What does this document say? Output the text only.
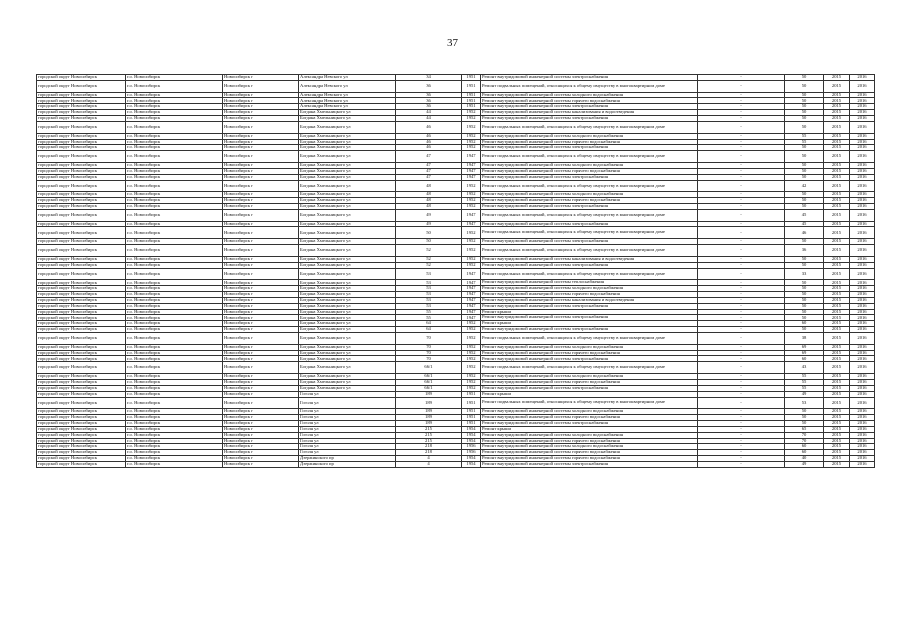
37
городской округ Новосибирск	г.о. Новосибирск	Новосибирск г	Александра Невского ул	34	1951	Ремонт внутридомовой инженерной системы электроснабжения	-	50	2015	2016
городской округ Новосибирск	г.о. Новосибирск	Новосибирск г	Александра Невского ул	36	1951	Ремонт подвальных помещений, относящихся к общему имуществу в многоквартирном доме	-	50	2015	2016
городской округ Новосибирск	г.о. Новосибирск	Новосибирск г	Александра Невского ул	36	1951	Ремонт внутридомовой инженерной системы холодного водоснабжения	-	50	2015	2016
городской округ Новосибирск	г.о. Новосибирск	Новосибирск г	Александра Невского ул	36	1951	Ремонт внутридомовой инженерной системы горячего водоснабжения	-	50	2015	2016
городской округ Новосибирск	г.о. Новосибирск	Новосибирск г	Александра Невского ул	36	1951	Ремонт внутридомовой инженерной системы электроснабжения	-	50	2015	2016
городской округ Новосибирск	г.о. Новосибирск	Новосибирск г	Богдана Хмельницкого ул	44	1952	Ремонт внутридомовой инженерной системы канализования и водоотведения	-	50	2015	2016
городской округ Новосибирск	г.о. Новосибирск	Новосибирск г	Богдана Хмельницкого ул	44	1952	Ремонт внутридомовой инженерной системы электроснабжения	-	50	2015	2016
городской округ Новосибирск	г.о. Новосибирск	Новосибирск г	Богдана Хмельницкого ул	46	1952	Ремонт подвальных помещений, относящихся к общему имуществу в многоквартирном доме	-	50	2015	2016
городской округ Новосибирск	г.о. Новосибирск	Новосибирск г	Богдана Хмельницкого ул	46	1952	Ремонт внутридомовой инженерной системы холодного водоснабжения	-	55	2015	2016
городской округ Новосибирск	г.о. Новосибирск	Новосибирск г	Богдана Хмельницкого ул	46	1952	Ремонт внутридомовой инженерной системы горячего водоснабжения	-	55	2015	2016
городской округ Новосибирск	г.о. Новосибирск	Новосибирск г	Богдана Хмельницкого ул	46	1952	Ремонт внутридомовой инженерной системы электроснабжения	-	50	2015	2016
городской округ Новосибирск	г.о. Новосибирск	Новосибирск г	Богдана Хмельницкого ул	47	1947	Ремонт подвальных помещений, относящихся к общему имуществу в многоквартирном доме	-	50	2015	2016
городской округ Новосибирск	г.о. Новосибирск	Новосибирск г	Богдана Хмельницкого ул	47	1947	Ремонт внутридомовой инженерной системы холодного водоснабжения	-	50	2015	2016
городской округ Новосибирск	г.о. Новосибирск	Новосибирск г	Богдана Хмельницкого ул	47	1947	Ремонт внутридомовой инженерной системы горячего водоснабжения	-	50	2015	2016
городской округ Новосибирск	г.о. Новосибирск	Новосибирск г	Богдана Хмельницкого ул	47	1947	Ремонт внутридомовой инженерной системы электроснабжения	-	50	2015	2016
городской округ Новосибирск	г.о. Новосибирск	Новосибирск г	Богдана Хмельницкого ул	48	1952	Ремонт подвальных помещений, относящихся к общему имуществу в многоквартирном доме	-	42	2015	2016
городской округ Новосибирск	г.о. Новосибирск	Новосибирск г	Богдана Хмельницкого ул	48	1952	Ремонт внутридомовой инженерной системы холодного водоснабжения	-	50	2015	2016
городской округ Новосибирск	г.о. Новосибирск	Новосибирск г	Богдана Хмельницкого ул	48	1952	Ремонт внутридомовой инженерной системы горячего водоснабжения	-	50	2015	2016
городской округ Новосибирск	г.о. Новосибирск	Новосибирск г	Богдана Хмельницкого ул	48	1952	Ремонт внутридомовой инженерной системы электроснабжения	-	50	2015	2016
городской округ Новосибирск	г.о. Новосибирск	Новосибирск г	Богдана Хмельницкого ул	49	1947	Ремонт подвальных помещений, относящихся к общему имуществу в многоквартирном доме	-	45	2015	2016
городской округ Новосибирск	г.о. Новосибирск	Новосибирск г	Богдана Хмельницкого ул	49	1947	Ремонт внутридомовой инженерной системы электроснабжения	-	45	2015	2016
городской округ Новосибирск	г.о. Новосибирск	Новосибирск г	Богдана Хмельницкого ул	50	1952	Ремонт подвальных помещений, относящихся к общему имуществу в многоквартирном доме	-	46	2015	2016
городской округ Новосибирск	г.о. Новосибирск	Новосибирск г	Богдана Хмельницкого ул	50	1952	Ремонт внутридомовой инженерной системы электроснабжения	-	50	2015	2016
городской округ Новосибирск	г.о. Новосибирск	Новосибирск г	Богдана Хмельницкого ул	52	1952	Ремонт подвальных помещений, относящихся к общему имуществу в многоквартирном доме	-	36	2015	2016
городской округ Новосибирск	г.о. Новосибирск	Новосибирск г	Богдана Хмельницкого ул	52	1952	Ремонт внутридомовой инженерной системы канализования и водоотведения	-	50	2015	2016
городской округ Новосибирск	г.о. Новосибирск	Новосибирск г	Богдана Хмельницкого ул	52	1952	Ремонт внутридомовой инженерной системы электроснабжения	-	50	2015	2016
городской округ Новосибирск	г.о. Новосибирск	Новосибирск г	Богдана Хмельницкого ул	53	1947	Ремонт подвальных помещений, относящихся к общему имуществу в многоквартирном доме	-	33	2015	2016
городской округ Новосибирск	г.о. Новосибирск	Новосибирск г	Богдана Хмельницкого ул	53	1947	Ремонт внутридомовой инженерной системы теплоснабжения	-	50	2015	2016
городской округ Новосибирск	г.о. Новосибирск	Новосибирск г	Богдана Хмельницкого ул	53	1947	Ремонт внутридомовой инженерной системы холодного водоснабжения	-	50	2015	2016
городской округ Новосибирск	г.о. Новосибирск	Новосибирск г	Богдана Хмельницкого ул	53	1947	Ремонт внутридомовой инженерной системы горячего водоснабжения	-	50	2015	2016
городской округ Новосибирск	г.о. Новосибирск	Новосибирск г	Богдана Хмельницкого ул	53	1947	Ремонт внутридомовой инженерной системы канализования и водоотведения	-	50	2015	2016
городской округ Новосибирск	г.о. Новосибирск	Новосибирск г	Богдана Хмельницкого ул	53	1947	Ремонт внутридомовой инженерной системы электроснабжения	-	50	2015	2016
городской округ Новосибирск	г.о. Новосибирск	Новосибирск г	Богдана Хмельницкого ул	55	1947	Ремонт крыши	-	50	2015	2016
городской округ Новосибирск	г.о. Новосибирск	Новосибирск г	Богдана Хмельницкого ул	55	1947	Ремонт внутридомовой инженерной системы электроснабжения	-	50	2015	2016
городской округ Новосибирск	г.о. Новосибирск	Новосибирск г	Богдана Хмельницкого ул	64	1952	Ремонт крыши	-	60	2015	2016
городской округ Новосибирск	г.о. Новосибирск	Новосибирск г	Богдана Хмельницкого ул	64	1952	Ремонт внутридомовой инженерной системы электроснабжения	-	50	2015	2016
городской округ Новосибирск	г.о. Новосибирск	Новосибирск г	Богдана Хмельницкого ул	70	1952	Ремонт подвальных помещений, относящихся к общему имуществу в многоквартирном доме	-	38	2015	2016
городской округ Новосибирск	г.о. Новосибирск	Новосибирск г	Богдана Хмельницкого ул	70	1952	Ремонт внутридомовой инженерной системы холодного водоснабжения	-	69	2015	2016
городской округ Новосибирск	г.о. Новосибирск	Новосибирск г	Богдана Хмельницкого ул	70	1952	Ремонт внутридомовой инженерной системы горячего водоснабжения	-	69	2015	2016
городской округ Новосибирск	г.о. Новосибирск	Новосибирск г	Богдана Хмельницкого ул	70	1952	Ремонт внутридомовой инженерной системы электроснабжения	-	60	2015	2016
городской округ Новосибирск	г.о. Новосибирск	Новосибирск г	Богдана Хмельницкого ул	66/1	1952	Ремонт подвальных помещений, относящихся к общему имуществу в многоквартирном доме	-	43	2015	2016
городской округ Новосибирск	г.о. Новосибирск	Новосибирск г	Богдана Хмельницкого ул	66/1	1952	Ремонт внутридомовой инженерной системы холодного водоснабжения	-	55	2015	2016
городской округ Новосибирск	г.о. Новосибирск	Новосибирск г	Богдана Хмельницкого ул	66/1	1952	Ремонт внутридомовой инженерной системы горячего водоснабжения	-	55	2015	2016
городской округ Новосибирск	г.о. Новосибирск	Новосибирск г	Богдана Хмельницкого ул	66/1	1952	Ремонт внутридомовой инженерной системы электроснабжения	-	55	2015	2016
городской округ Новосибирск	г.о. Новосибирск	Новосибирск г	Гоголя ул	189	1951	Ремонт крыши	-	49	2015	2016
городской округ Новосибирск	г.о. Новосибирск	Новосибирск г	Гоголя ул	189	1951	Ремонт подвальных помещений, относящихся к общему имуществу в многоквартирном доме	-	53	2015	2016
городской округ Новосибирск	г.о. Новосибирск	Новосибирск г	Гоголя ул	189	1951	Ремонт внутридомовой инженерной системы холодного водоснабжения	-	50	2015	2016
городской округ Новосибирск	г.о. Новосибирск	Новосибирск г	Гоголя ул	189	1951	Ремонт внутридомовой инженерной системы горячего водоснабжения	-	50	2015	2016
городской округ Новосибирск	г.о. Новосибирск	Новосибирск г	Гоголя ул	189	1951	Ремонт внутридомовой инженерной системы электроснабжения	-	50	2015	2016
городской округ Новосибирск	г.о. Новосибирск	Новосибирск г	Гоголя ул	215	1954	Ремонт крыши	-	65	2015	2016
городской округ Новосибирск	г.о. Новосибирск	Новосибирск г	Гоголя ул	215	1954	Ремонт внутридомовой инженерной системы холодного водоснабжения	-	70	2015	2016
городской округ Новосибирск	г.о. Новосибирск	Новосибирск г	Гоголя ул	215	1954	Ремонт внутридомовой инженерной системы горячего водоснабжения	-	70	2015	2016
городской округ Новосибирск	г.о. Новосибирск	Новосибирск г	Гоголя ул	218	1956	Ремонт внутридомовой инженерной системы холодного водоснабжения	-	60	2015	2016
городской округ Новосибирск	г.о. Новосибирск	Новосибирск г	Гоголя ул	218	1956	Ремонт внутридомовой инженерной системы горячего водоснабжения	-	60	2015	2016
городской округ Новосибирск	г.о. Новосибирск	Новосибирск г	Дзержинского пр	4	1954	Ремонт внутридомовой инженерной системы горячего водоснабжения	-	40	2015	2016
городской округ Новосибирск	г.о. Новосибирск	Новосибирск г	Дзержинского пр	4	1954	Ремонт внутридомовой инженерной системы электроснабжения	-	49	2015	2016
